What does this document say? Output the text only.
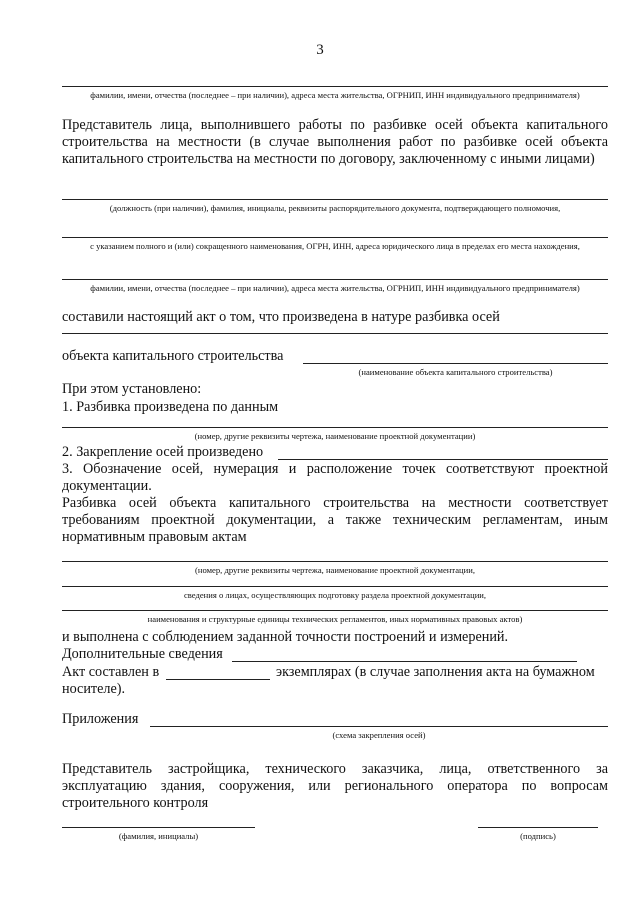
3
фамилии, имени, отчества (последнее – при наличии), адреса места жительства, ОГРНИП, ИНН индивидуального предпринимателя)
Представитель лица, выполнившего работы по разбивке осей объекта капитального строительства на местности (в случае выполнения работ по разбивке осей объекта капитального строительства на местности по договору, заключенному с иными лицами)
(должность (при наличии), фамилия, инициалы, реквизиты распорядительного документа, подтверждающего полномочия,
с указанием полного и (или) сокращенного наименования, ОГРН, ИНН, адреса юридического лица в пределах его места нахождения,
фамилии, имени, отчества (последнее – при наличии), адреса места жительства, ОГРНИП, ИНН индивидуального предпринимателя)
составили настоящий акт о том, что произведена в натуре разбивка осей
объекта капитального строительства
(наименование объекта капитального строительства)
При этом установлено:
1. Разбивка произведена по данным
(номер, другие реквизиты чертежа, наименование проектной документации)
2. Закрепление осей произведено
3. Обозначение осей, нумерация и расположение точек соответствуют проектной документации.
Разбивка осей объекта капитального строительства на местности соответствует требованиям проектной документации, а также техническим регламентам, иным нормативным правовым актам
(номер, другие реквизиты чертежа, наименование проектной документации,
сведения о лицах, осуществляющих подготовку раздела проектной документации,
наименования и структурные единицы технических регламентов, иных нормативных правовых актов)
и выполнена с соблюдением заданной точности построений и измерений.
Дополнительные сведения
Акт составлен в	экземплярах (в случае заполнения акта на бумажном
носителе).
Приложения
(схема закрепления осей)
Представитель застройщика, технического заказчика, лица, ответственного за эксплуатацию здания, сооружения, или регионального оператора по вопросам строительного контроля
(фамилия, инициалы)	(подпись)
